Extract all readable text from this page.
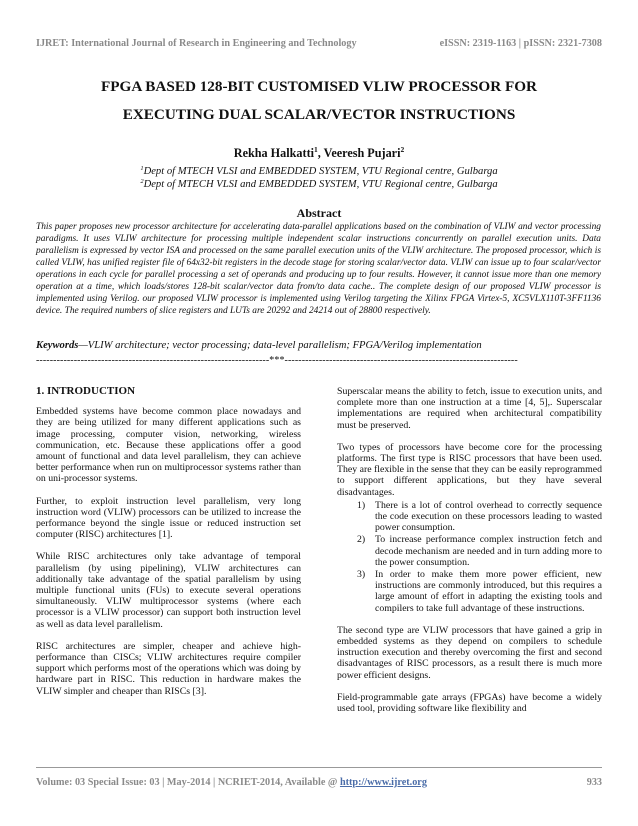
IJRET: International Journal of Research in Engineering and Technology	eISSN: 2319-1163 | pISSN: 2321-7308
FPGA BASED 128-BIT CUSTOMISED VLIW PROCESSOR FOR
EXECUTING DUAL SCALAR/VECTOR INSTRUCTIONS
Rekha Halkatti$^1$, Veeresh Pujari$^2$
$^1$Dept of MTECH VLSI and EMBEDDED SYSTEM, VTU Regional centre, Gulbarga
$^2$Dept of MTECH VLSI and EMBEDDED SYSTEM, VTU Regional centre, Gulbarga
Abstract
This paper proposes new processor architecture for accelerating data-parallel applications based on the combination of VLIW and vector processing paradigms. It uses VLIW architecture for processing multiple independent scalar instructions concurrently on parallel execution units. Data parallelism is expressed by vector ISA and processed on the same parallel execution units of the VLIW architecture. The proposed processor, which is called VLIW, has unified register file of 64x32-bit registers in the decode stage for storing scalar/vector data. VLIW can issue up to four scalar/vector operations in each cycle for parallel processing a set of operands and producing up to four results. However, it cannot issue more than one memory operation at a time, which loads/stores 128-bit scalar/vector data from/to data cache.. The complete design of our proposed VLIW processor is implemented using Verilog. our proposed VLIW processor is implemented using Verilog targeting the Xilinx FPGA Virtex-5, XC5VLX110T-3FF1136 device. The required numbers of slice registers and LUTs are 20292 and 24214 out of 28800 respectively.
Keywords—VLIW architecture; vector processing; data-level parallelism; FPGA/Verilog implementation
--------------------------------------------------------------------***--------------------------------------------------------------------
1. INTRODUCTION

Embedded systems have become common place nowadays and they are being utilized for many different applications such as image processing, computer vision, networking, wireless communication, etc. Because these applications offer a good amount of functional and data level parallelism, they can achieve better performance when run on multiprocessor systems rather than on uni-processor systems.

Further, to exploit instruction level parallelism, very long instruction word (VLIW) processors can be utilized to increase the performance beyond the single issue or reduced instruction set computer (RISC) architectures [1].

While RISC architectures only take advantage of temporal parallelism (by using pipelining), VLIW architectures can additionally take advantage of the spatial parallelism by using multiple functional units (FUs) to execute several operations simultaneously. VLIW multiprocessor systems (where each processor is a VLIW processor) can support both instruction level as well as data level parallelism.

RISC architectures are simpler, cheaper and achieve high-performance than CISCs; VLIW architectures require compiler support which performs most of the operations which was doing by hardware part in RISC. This reduction in hardware makes the VLIW simpler and cheaper than RISCs [3].

Superscalar means the ability to fetch, issue to execution units, and complete more than one instruction at a time [4, 5],. Superscalar implementations are required when architectural compatibility must be preserved.

Two types of processors have become core for the processing platforms. The first type is RISC processors that have been used. They are flexible in the sense that they can be easily reprogrammed to support different applications, but they have several disadvantages.

1) There is a lot of control overhead to correctly sequence the code execution on these processors leading to wasted power consumption.
2) To increase performance complex instruction fetch and decode mechanism are needed and in turn adding more to the power consumption.
3) In order to make them more power efficient, new instructions are commonly introduced, but this requires a large amount of effort in adapting the existing tools and compilers to take full advantage of these instructions.

The second type are VLIW processors that have gained a grip in embedded systems as they depend on compilers to schedule instruction execution and thereby overcoming the first and second disadvantages of RISC processors, as a result there is much more power efficient designs.

Field-programmable gate arrays (FPGAs) have become a widely used tool, providing software like flexibility and

Volume: 03 Special Issue: 03 | May-2014 | NCRIET-2014, Available @ http://www.ijret.org	933
